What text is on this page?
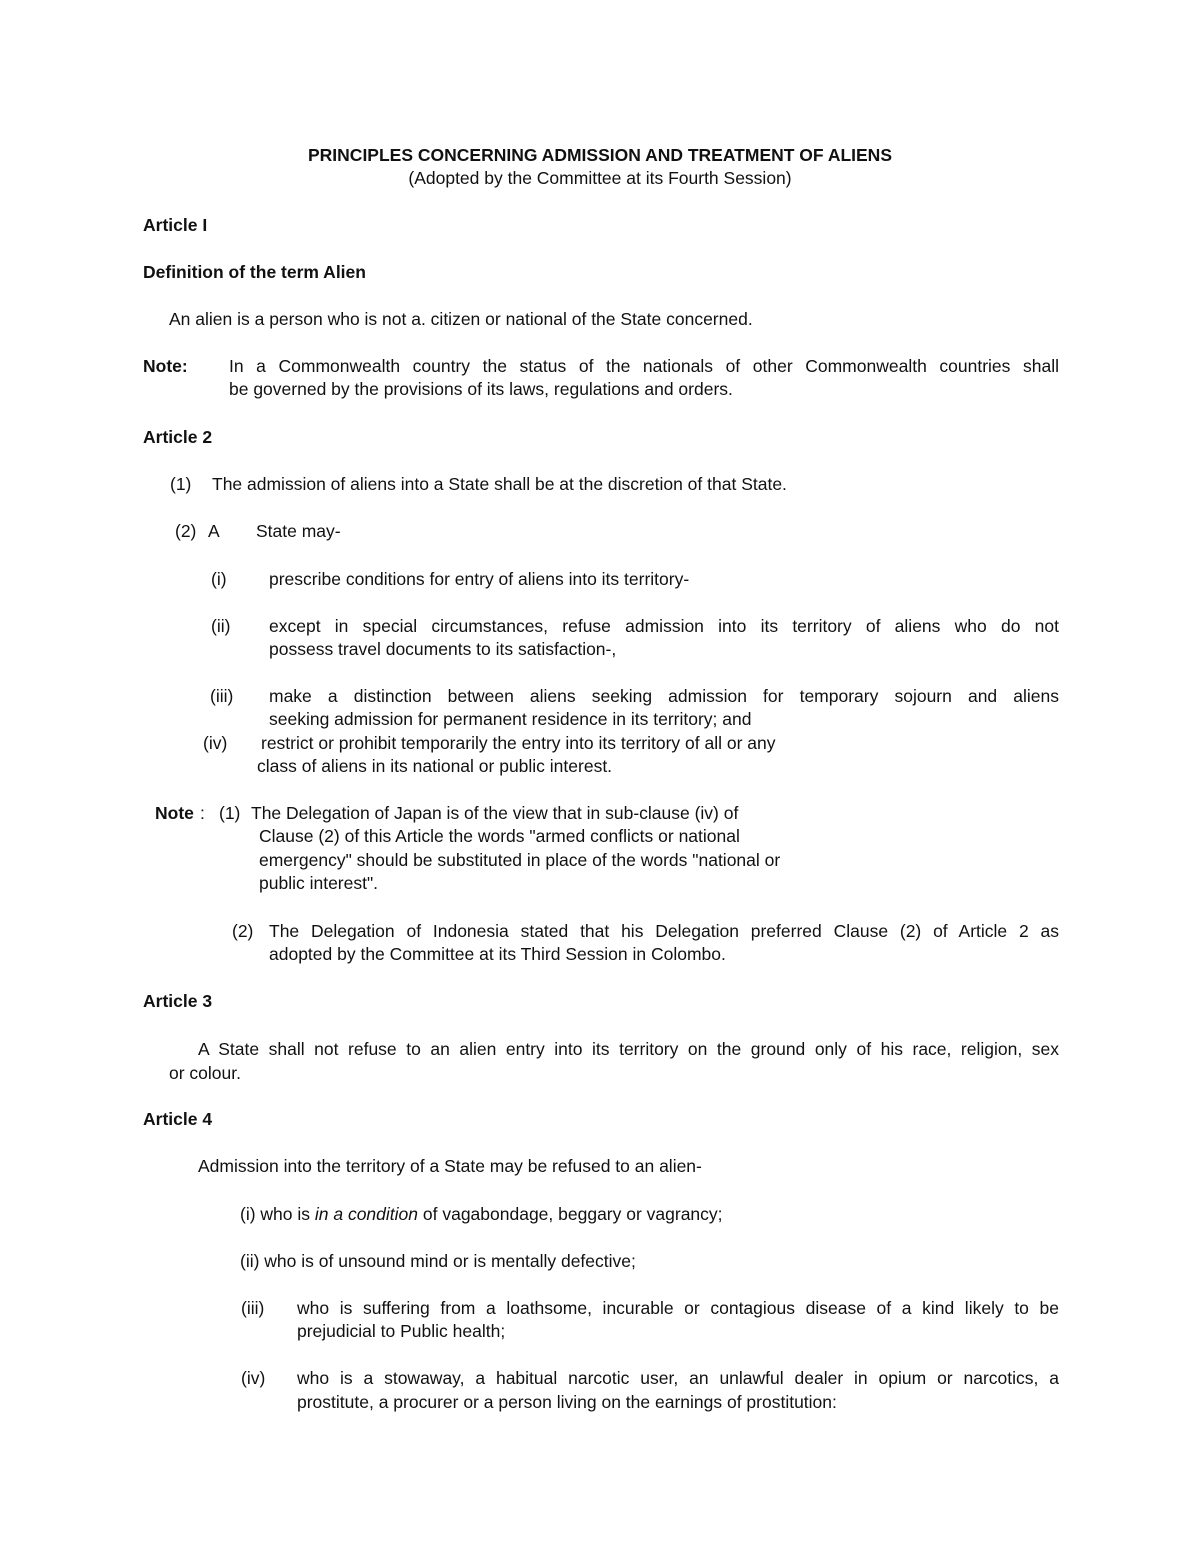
PRINCIPLES CONCERNING ADMISSION AND TREATMENT OF ALIENS
(Adopted by the Committee at its Fourth Session)
Article I
Definition of the term Alien
An alien is a person who is not a. citizen or national of the State concerned.
Note: In a Commonwealth country the status of the nationals of other Commonwealth countries shall
be governed by the provisions of its laws, regulations and orders.
Article 2
(1) The admission of aliens into a State shall be at the discretion of that State.
(2) A State may-
(i) prescribe conditions for entry of aliens into its territory-
(ii) except in special circumstances, refuse admission into its territory of aliens who do not
possess travel documents to its satisfaction-,
(iii) make a distinction between aliens seeking admission for temporary sojourn and aliens
seeking admission for permanent residence in its territory; and
(iv) restrict or prohibit temporarily the entry into its territory of all or any
class of aliens in its national or public interest.
Note : (1) The Delegation of Japan is of the view that in sub-clause (iv) of
Clause (2) of this Article the words "armed conflicts or national
emergency" should be substituted in place of the words "national or
public interest".
(2) The Delegation of Indonesia stated that his Delegation preferred Clause (2) of Article 2 as
adopted by the Committee at its Third Session in Colombo.
Article 3
A State shall not refuse to an alien entry into its territory on the ground only of his race, religion, sex
or colour.
Article 4
Admission into the territory of a State may be refused to an alien-
(i) who is in a condition of vagabondage, beggary or vagrancy;
(ii) who is of unsound mind or is mentally defective;
(iii) who is suffering from a loathsome, incurable or contagious disease of a kind likely to be
prejudicial to Public health;
(iv) who is a stowaway, a habitual narcotic user, an unlawful dealer in opium or narcotics, a
prostitute, a procurer or a person living on the earnings of prostitution:
